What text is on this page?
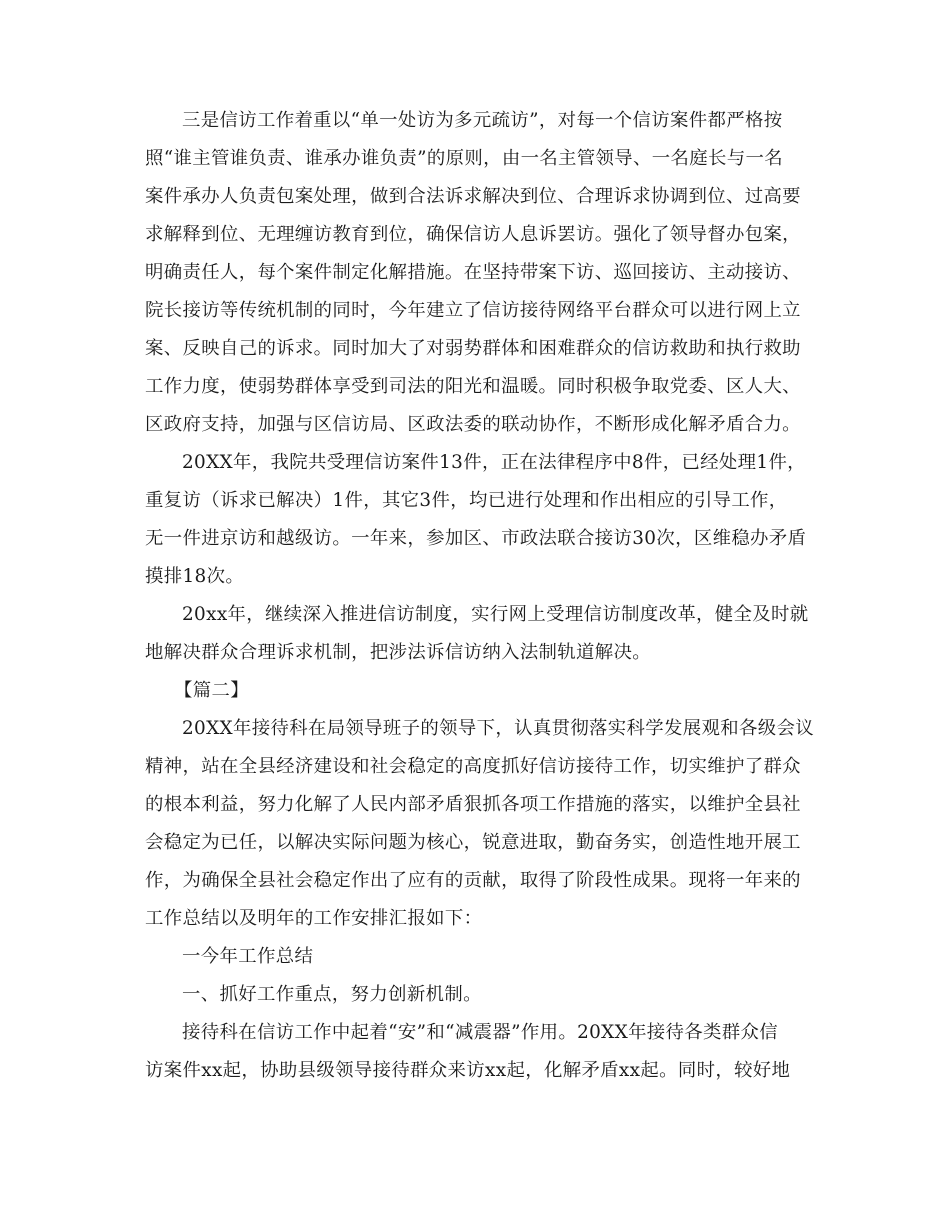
三是信访工作着重以“单一处访为多元疏访”，对每一个信访案件都严格按
照“谁主管谁负责、谁承办谁负责”的原则，由一名主管领导、一名庭长与一名
案件承办人负责包案处理，做到合法诉求解决到位、合理诉求协调到位、过高要
求解释到位、无理缠访教育到位，确保信访人息诉罢访。强化了领导督办包案，
明确责任人，每个案件制定化解措施。在坚持带案下访、巡回接访、主动接访、
院长接访等传统机制的同时，今年建立了信访接待网络平台群众可以进行网上立
案、反映自己的诉求。同时加大了对弱势群体和困难群众的信访救助和执行救助
工作力度，使弱势群体享受到司法的阳光和温暖。同时积极争取党委、区人大、
区政府支持，加强与区信访局、区政法委的联动协作，不断形成化解矛盾合力。
20XX年，我院共受理信访案件13件，正在法律程序中8件，已经处理1件，
重复访（诉求已解决）1件，其它3件，均已进行处理和作出相应的引导工作，
无一件进京访和越级访。一年来，参加区、市政法联合接访30次，区维稳办矛盾
摸排18次。
20xx年，继续深入推进信访制度，实行网上受理信访制度改革，健全及时就
地解决群众合理诉求机制，把涉法诉信访纳入法制轨道解决。
【篇二】
20XX年接待科在局领导班子的领导下，认真贯彻落实科学发展观和各级会议
精神，站在全县经济建设和社会稳定的高度抓好信访接待工作，切实维护了群众
的根本利益，努力化解了人民内部矛盾狠抓各项工作措施的落实，以维护全县社
会稳定为已任，以解决实际问题为核心，锐意进取，勤奋务实，创造性地开展工
作，为确保全县社会稳定作出了应有的贡献，取得了阶段性成果。现将一年来的
工作总结以及明年的工作安排汇报如下：
一今年工作总结
一、抓好工作重点，努力创新机制。
接待科在信访工作中起着“安”和“减震器”作用。20XX年接待各类群众信
访案件xx起，协助县级领导接待群众来访xx起，化解矛盾xx起。同时，较好地
